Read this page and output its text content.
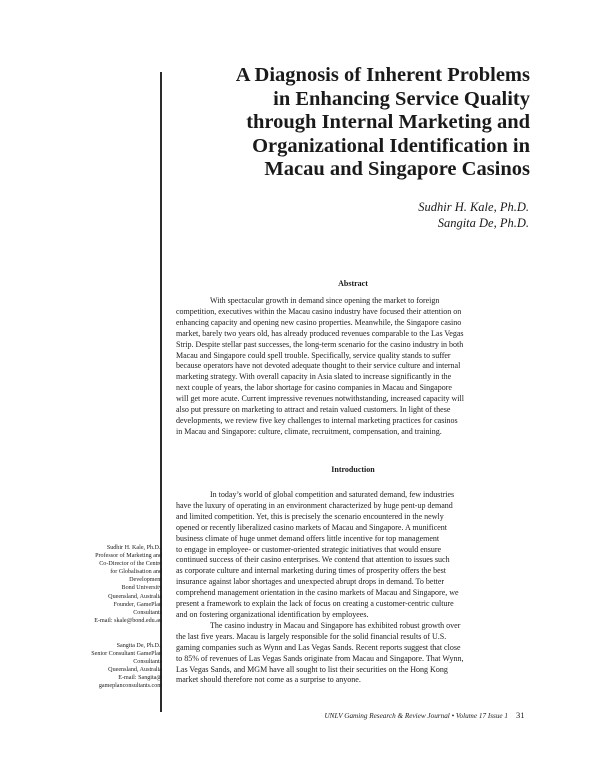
A Diagnosis of Inherent Problems
in Enhancing Service Quality
through Internal Marketing and
Organizational Identification in
Macau and Singapore Casinos
Sudhir H. Kale, Ph.D.
Sangita De, Ph.D.
Abstract

With spectacular growth in demand since opening the market to foreign
competition, executives within the Macau casino industry have focused their attention on
enhancing capacity and opening new casino properties. Meanwhile, the Singapore casino
market, barely two years old, has already produced revenues comparable to the Las Vegas
Strip. Despite stellar past successes, the long-term scenario for the casino industry in both
Macau and Singapore could spell trouble. Specifically, service quality stands to suffer
because operators have not devoted adequate thought to their service culture and internal
marketing strategy. With overall capacity in Asia slated to increase significantly in the
next couple of years, the labor shortage for casino companies in Macau and Singapore
will get more acute. Current impressive revenues notwithstanding, increased capacity will
also put pressure on marketing to attract and retain valued customers. In light of these
developments, we review five key challenges to internal marketing practices for casinos
in Macau and Singapore: culture, climate, recruitment, compensation, and training.

Introduction

In today’s world of global competition and saturated demand, few industries
have the luxury of operating in an environment characterized by huge pent-up demand
and limited competition. Yet, this is precisely the scenario encountered in the newly
opened or recently liberalized casino markets of Macau and Singapore. A munificent
business climate of huge unmet demand offers little incentive for top management
to engage in employee- or customer-oriented strategic initiatives that would ensure
continued success of their casino enterprises. We contend that attention to issues such
as corporate culture and internal marketing during times of prosperity offers the best
insurance against labor shortages and unexpected abrupt drops in demand. To better
comprehend management orientation in the casino markets of Macau and Singapore, we
present a framework to explain the lack of focus on creating a customer-centric culture
and on fostering organizational identification by employees.
The casino industry in Macau and Singapore has exhibited robust growth over
the last five years. Macau is largely responsible for the solid financial results of U.S.
gaming companies such as Wynn and Las Vegas Sands. Recent reports suggest that close
to 85% of revenues of Las Vegas Sands originate from Macau and Singapore. That Wynn,
Las Vegas Sands, and MGM have all sought to list their securities on the Hong Kong
market should therefore not come as a surprise to anyone.

Sudhir H. Kale, Ph.D.,
Professor of Marketing and
Co-Director of the Centre
for Globalisation and
Development
Bond University
Queensland, Australia
Founder, GamePlan
Consultants
E-mail: skale@bond.edu.au
Sangita De, Ph.D.,
Senior Consultant GamePlan
Consultants
Queensland, Australia
E-mail: Sangita@
gameplanconsultants.com
UNLV Gaming Research & Review Journal • Volume 17 Issue 1 31
